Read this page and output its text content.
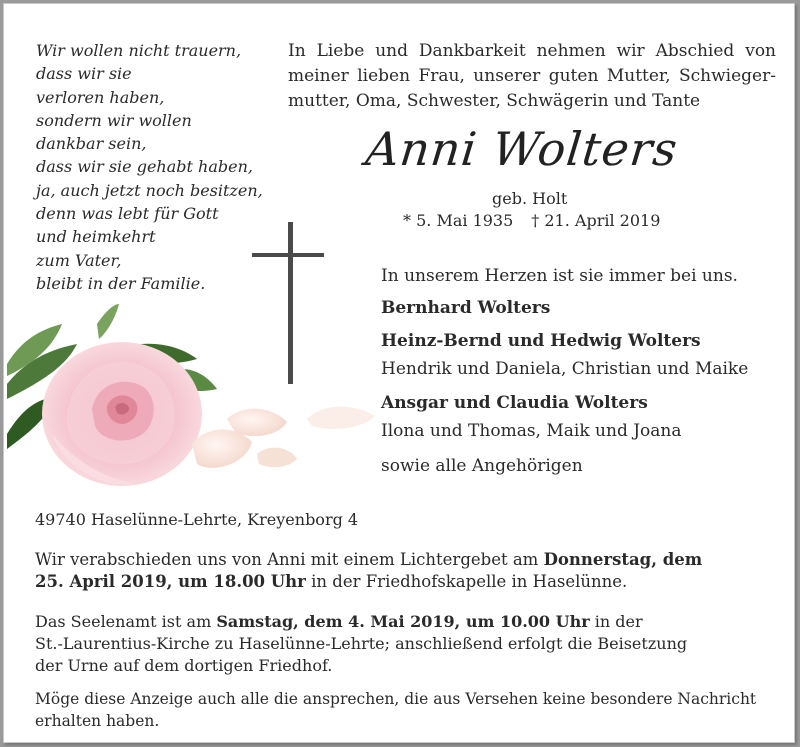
Wir wollen nicht trauern,
dass wir sie
verloren haben,
sondern wir wollen
dankbar sein,
dass wir sie gehabt haben,
ja, auch jetzt noch besitzen,
denn was lebt für Gott
und heimkehrt
zum Vater,
bleibt in der Familie.
In Liebe und Dankbarkeit nehmen wir Abschied von
meiner lieben Frau, unserer guten Mutter, Schwieger-
mutter, Oma, Schwester, Schwägerin und Tante
Anni Wolters
geb. Holt
* 5. Mai 1935 † 21. April 2019
In unserem Herzen ist sie immer bei uns.
Bernhard Wolters
Heinz-Bernd und Hedwig Wolters
Hendrik und Daniela, Christian und Maike
Ansgar und Claudia Wolters
Ilona und Thomas, Maik und Joana
sowie alle Angehörigen
49740 Haselünne-Lehrte, Kreyenborg 4
Wir verabschieden uns von Anni mit einem Lichtergebet am Donnerstag, dem
25. April 2019, um 18.00 Uhr in der Friedhofskapelle in Haselünne.
Das Seelenamt ist am Samstag, dem 4. Mai 2019, um 10.00 Uhr in der
St.-Laurentius-Kirche zu Haselünne-Lehrte; anschließend erfolgt die Beisetzung
der Urne auf dem dortigen Friedhof.
Möge diese Anzeige auch alle die ansprechen, die aus Versehen keine besondere Nachricht
erhalten haben.
